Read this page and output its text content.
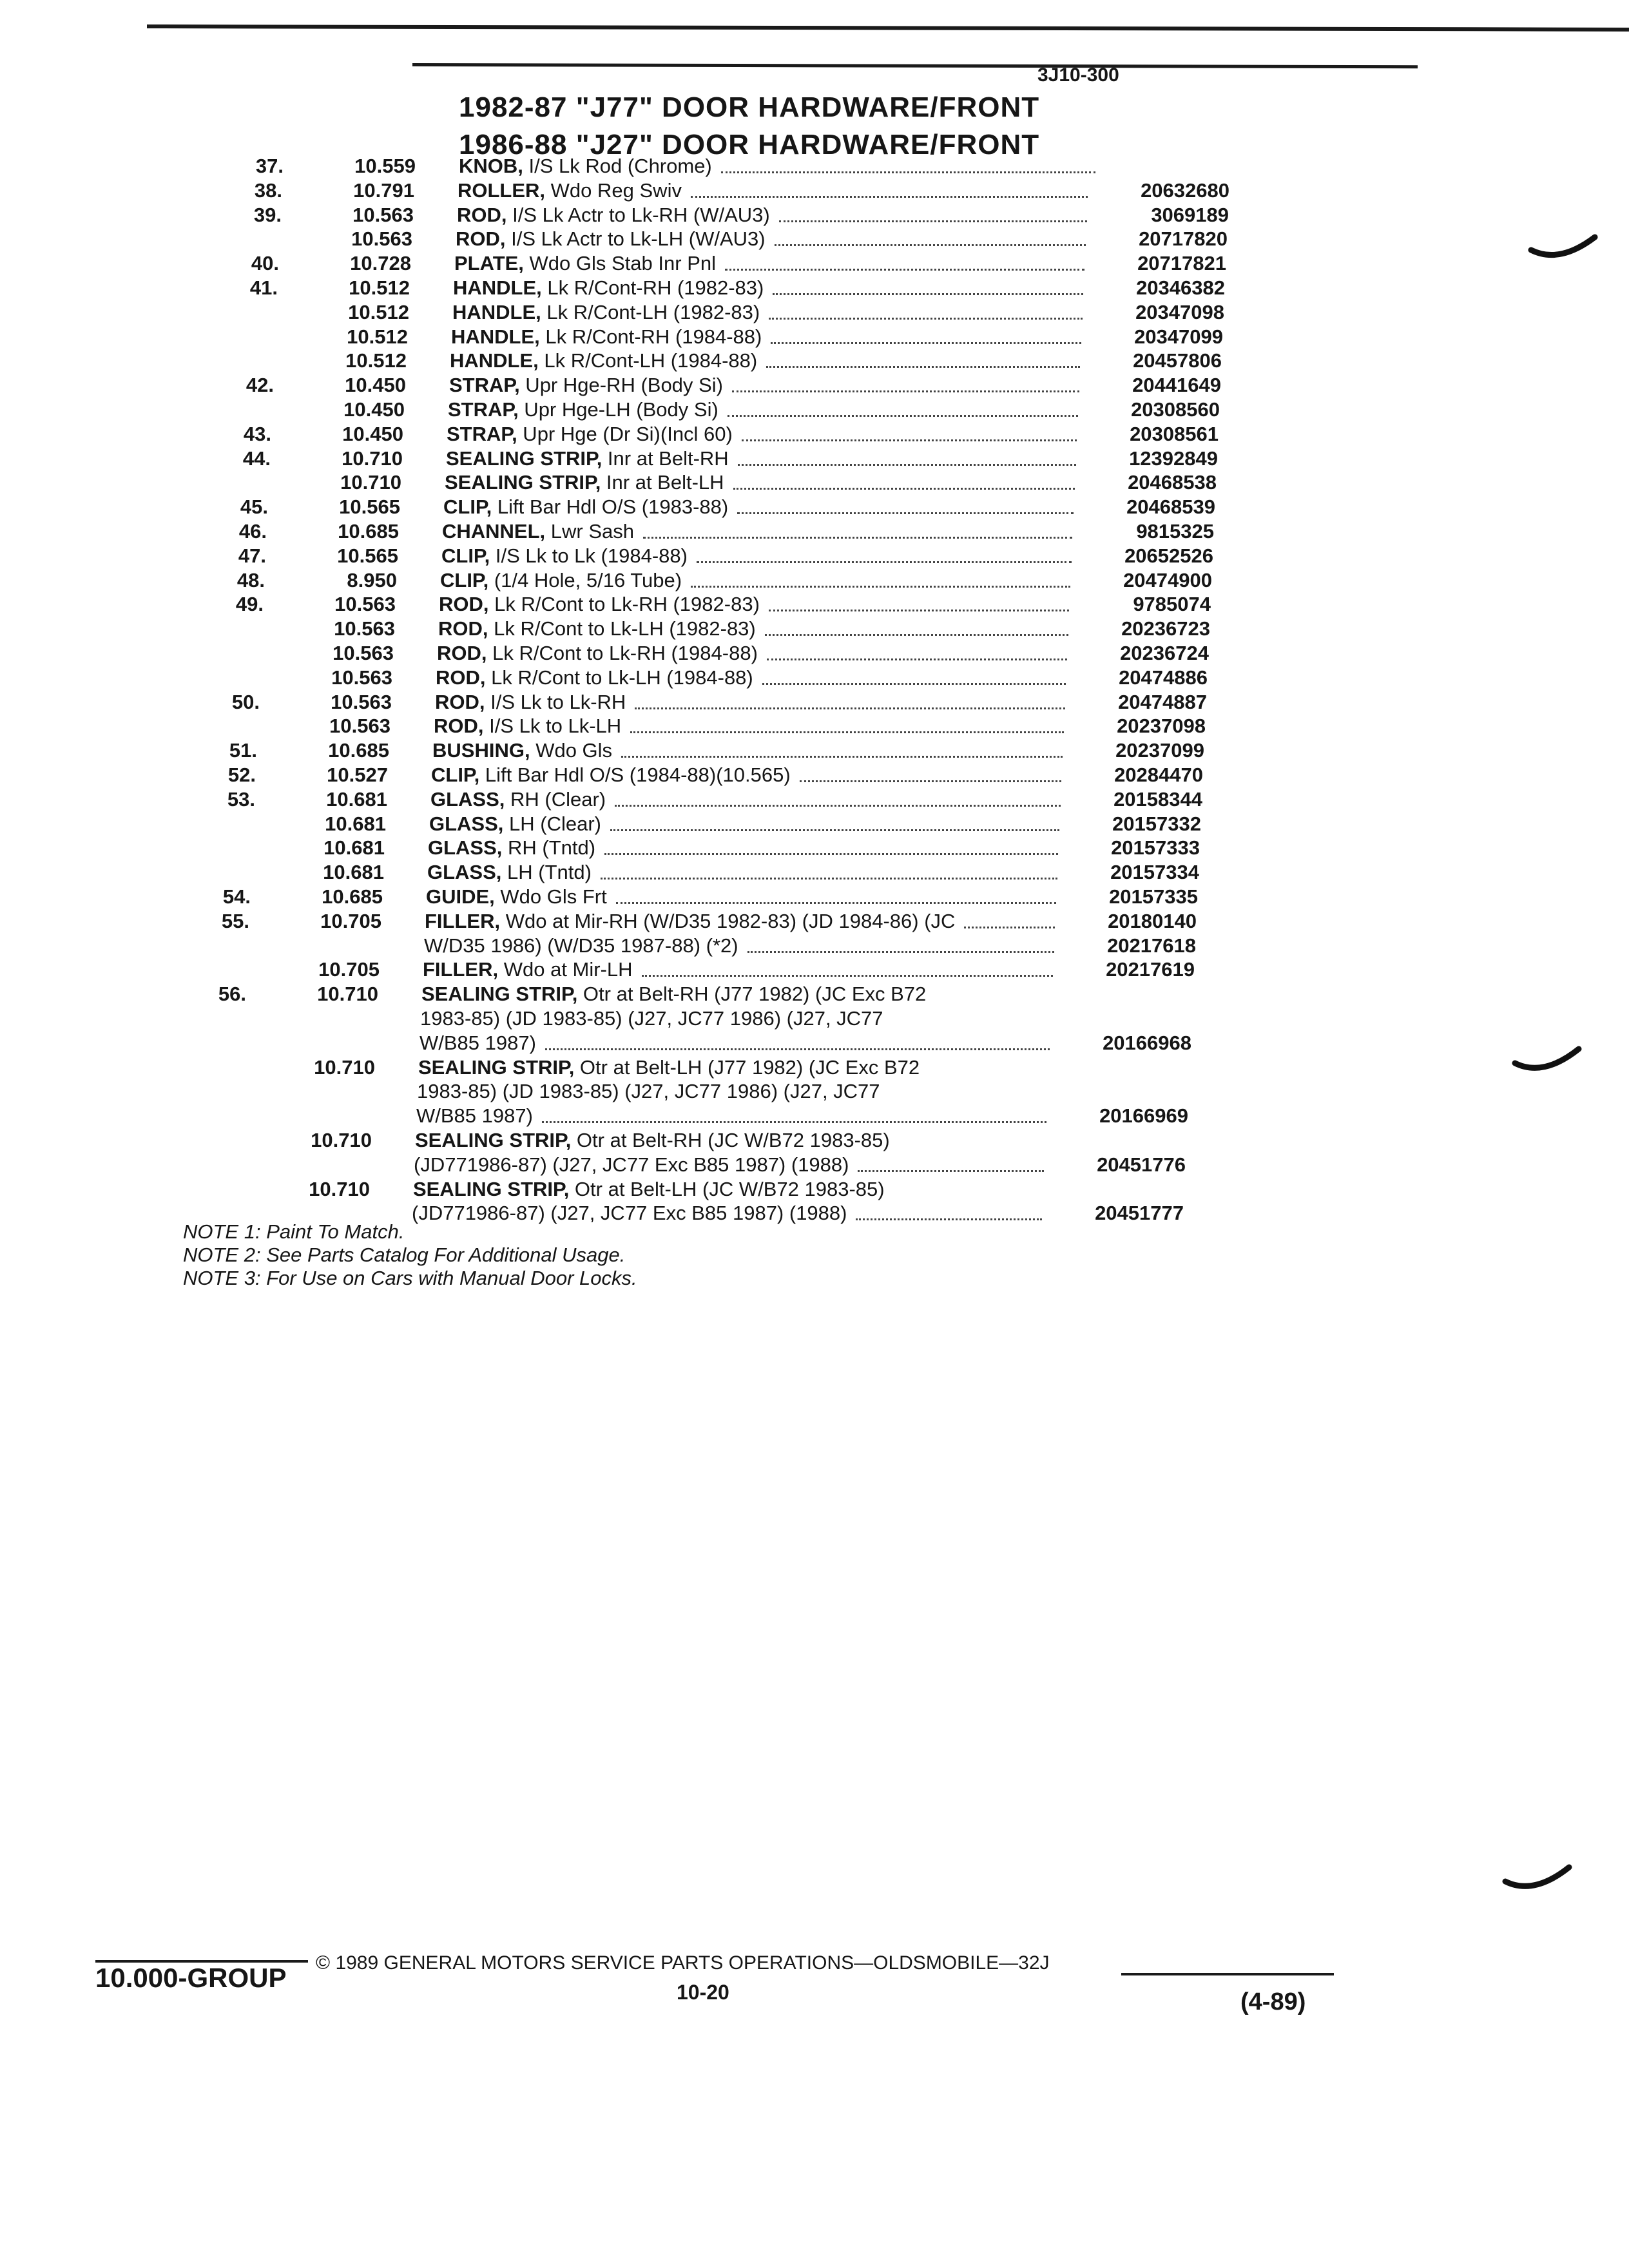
3J10-300
1982-87 "J77" DOOR HARDWARE/FRONT
1986-88 "J27" DOOR HARDWARE/FRONT
37.	10.559 KNOB, I/S Lk Rod (Chrome)
38.	10.791 ROLLER, Wdo Reg Swiv	20632680
39.	10.563 ROD, I/S Lk Actr to Lk-RH (W/AU3)	3069189
10.563 ROD, I/S Lk Actr to Lk-LH (W/AU3)	20717820
40.	10.728 PLATE, Wdo Gls Stab Inr Pnl	20717821
41.	10.512 HANDLE, Lk R/Cont-RH (1982-83)	20346382
10.512 HANDLE, Lk R/Cont-LH (1982-83)	20347098
10.512 HANDLE, Lk R/Cont-RH (1984-88)	20347099
10.512 HANDLE, Lk R/Cont-LH (1984-88)	20457806
42.	10.450 STRAP, Upr Hge-RH (Body Si)	20441649
10.450 STRAP, Upr Hge-LH (Body Si)	20308560
43.	10.450 STRAP, Upr Hge (Dr Si)(Incl 60)	20308561
44.	10.710 SEALING STRIP, Inr at Belt-RH	12392849
10.710 SEALING STRIP, Inr at Belt-LH	20468538
45.	10.565 CLIP, Lift Bar Hdl O/S (1983-88)	20468539
46.	10.685 CHANNEL, Lwr Sash	9815325
47.	10.565 CLIP, I/S Lk to Lk (1984-88)	20652526
48.	8.950 CLIP, (1/4 Hole, 5/16 Tube)	20474900
49.	10.563 ROD, Lk R/Cont to Lk-RH (1982-83)	9785074
10.563 ROD, Lk R/Cont to Lk-LH (1982-83)	20236723
10.563 ROD, Lk R/Cont to Lk-RH (1984-88)	20236724
10.563 ROD, Lk R/Cont to Lk-LH (1984-88)	20474886
50.	10.563 ROD, I/S Lk to Lk-RH	20474887
10.563 ROD, I/S Lk to Lk-LH	20237098
51.	10.685 BUSHING, Wdo Gls	20237099
52.	10.527 CLIP, Lift Bar Hdl O/S (1984-88)(10.565)	20284470
53.	10.681 GLASS, RH (Clear)	20158344
10.681 GLASS, LH (Clear)	20157332
10.681 GLASS, RH (Tntd)	20157333
10.681 GLASS, LH (Tntd)	20157334
54.	10.685 GUIDE, Wdo Gls Frt	20157335
55.	10.705 FILLER, Wdo at Mir-RH (W/D35 1982-83) (JD 1984-86) (JC	20180140
W/D35 1986) (W/D35 1987-88) (*2)	20217618
10.705 FILLER, Wdo at Mir-LH	20217619
56.	10.710 SEALING STRIP, Otr at Belt-RH (J77 1982) (JC Exc B72
1983-85) (JD 1983-85) (J27, JC77 1986) (J27, JC77
W/B85 1987)	20166968
10.710 SEALING STRIP, Otr at Belt-LH (J77 1982) (JC Exc B72
1983-85) (JD 1983-85) (J27, JC77 1986) (J27, JC77
W/B85 1987)	20166969
10.710 SEALING STRIP, Otr at Belt-RH (JC W/B72 1983-85)
(JD771986-87) (J27, JC77 Exc B85 1987) (1988)	20451776
10.710 SEALING STRIP, Otr at Belt-LH (JC W/B72 1983-85)
(JD771986-87) (J27, JC77 Exc B85 1987) (1988)	20451777
NOTE 1: Paint To Match.
NOTE 2: See Parts Catalog For Additional Usage.
NOTE 3: For Use on Cars with Manual Door Locks.
10.000-GROUP © 1989 GENERAL MOTORS SERVICE PARTS OPERATIONS—OLDSMOBILE—32J
10-20	(4-89)
